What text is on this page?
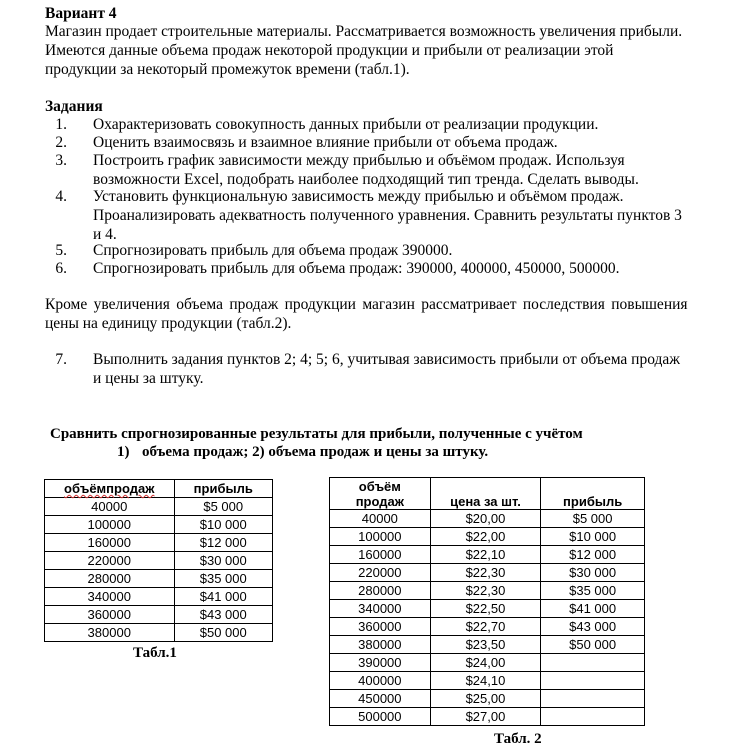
Вариант 4
Магазин продает строительные материалы. Рассматривается возможность увеличения прибыли.
Имеются данные объема продаж некоторой продукции и прибыли от реализации этой
продукции за некоторый промежуток времени (табл.1).
Задания
1. Охарактеризовать совокупность данных прибыли от реализации продукции.
2. Оценить взаимосвязь и взаимное влияние прибыли от объема продаж.
3. Построить график зависимости между прибылью и объёмом продаж. Используя
возможности Excel, подобрать наиболее подходящий тип тренда. Сделать выводы.
4. Установить функциональную зависимость между прибылью и объёмом продаж.
Проанализировать адекватность полученного уравнения. Сравнить результаты пунктов 3
и 4.
5. Спрогнозировать прибыль для объема продаж 390000.
6. Спрогнозировать прибыль для объема продаж: 390000, 400000, 450000, 500000.
Кроме увеличения объема продаж продукции магазин рассматривает последствия повышения
цены на единицу продукции (табл.2).
7. Выполнить задания пунктов 2; 4; 5; 6, учитывая зависимость прибыли от объема продаж
и цены за штуку.
Сравнить спрогнозированные результаты для прибыли, полученные с учётом
1) объема продаж; 2) объема продаж и цены за штуку.
объёмпродаж	прибыль
40000	$5 000
100000	$10 000
160000	$12 000
220000	$30 000
280000	$35 000
340000	$41 000
360000	$43 000
380000	$50 000
Табл.1
объём
продаж	цена за шт.	прибыль
40000	$20,00	$5 000
100000	$22,00	$10 000
160000	$22,10	$12 000
220000	$22,30	$30 000
280000	$22,30	$35 000
340000	$22,50	$41 000
360000	$22,70	$43 000
380000	$23,50	$50 000
390000	$24,00	
400000	$24,10	
450000	$25,00	
500000	$27,00	
Табл. 2
